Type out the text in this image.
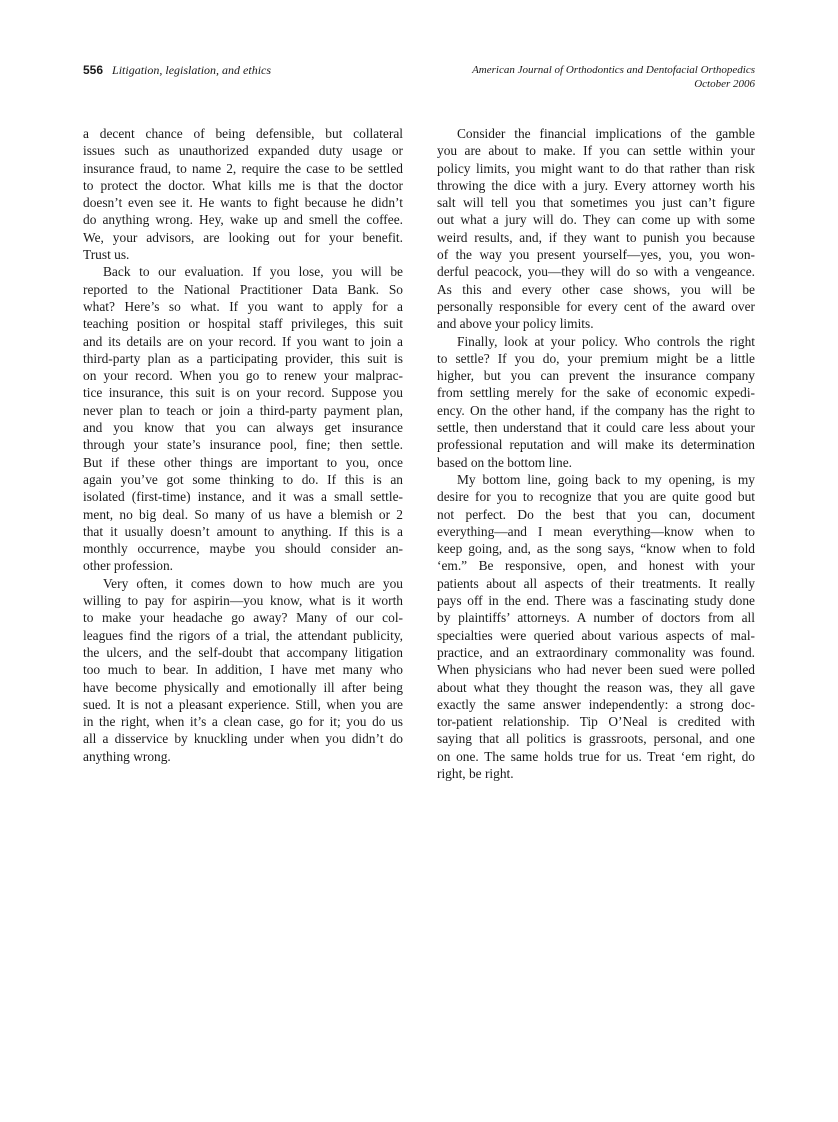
556 Litigation, legislation, and ethics	American Journal of Orthodontics and Dentofacial Orthopedics
October 2006
a decent chance of being defensible, but collateral
issues such as unauthorized expanded duty usage or
insurance fraud, to name 2, require the case to be settled
to protect the doctor. What kills me is that the doctor
doesn’t even see it. He wants to fight because he didn’t
do anything wrong. Hey, wake up and smell the coffee.
We, your advisors, are looking out for your benefit.
Trust us.
Back to our evaluation. If you lose, you will be
reported to the National Practitioner Data Bank. So
what? Here’s so what. If you want to apply for a
teaching position or hospital staff privileges, this suit
and its details are on your record. If you want to join a
third-party plan as a participating provider, this suit is
on your record. When you go to renew your malprac-
tice insurance, this suit is on your record. Suppose you
never plan to teach or join a third-party payment plan,
and you know that you can always get insurance
through your state’s insurance pool, fine; then settle.
But if these other things are important to you, once
again you’ve got some thinking to do. If this is an
isolated (first-time) instance, and it was a small settle-
ment, no big deal. So many of us have a blemish or 2
that it usually doesn’t amount to anything. If this is a
monthly occurrence, maybe you should consider an-
other profession.
Very often, it comes down to how much are you
willing to pay for aspirin—you know, what is it worth
to make your headache go away? Many of our col-
leagues find the rigors of a trial, the attendant publicity,
the ulcers, and the self-doubt that accompany litigation
too much to bear. In addition, I have met many who
have become physically and emotionally ill after being
sued. It is not a pleasant experience. Still, when you are
in the right, when it’s a clean case, go for it; you do us
all a disservice by knuckling under when you didn’t do
anything wrong.
Consider the financial implications of the gamble
you are about to make. If you can settle within your
policy limits, you might want to do that rather than risk
throwing the dice with a jury. Every attorney worth his
salt will tell you that sometimes you just can’t figure
out what a jury will do. They can come up with some
weird results, and, if they want to punish you because
of the way you present yourself—yes, you, you won-
derful peacock, you—they will do so with a vengeance.
As this and every other case shows, you will be
personally responsible for every cent of the award over
and above your policy limits.
Finally, look at your policy. Who controls the right
to settle? If you do, your premium might be a little
higher, but you can prevent the insurance company
from settling merely for the sake of economic expedi-
ency. On the other hand, if the company has the right to
settle, then understand that it could care less about your
professional reputation and will make its determination
based on the bottom line.
My bottom line, going back to my opening, is my
desire for you to recognize that you are quite good but
not perfect. Do the best that you can, document
everything—and I mean everything—know when to
keep going, and, as the song says, “know when to fold
‘em.” Be responsive, open, and honest with your
patients about all aspects of their treatments. It really
pays off in the end. There was a fascinating study done
by plaintiffs’ attorneys. A number of doctors from all
specialties were queried about various aspects of mal-
practice, and an extraordinary commonality was found.
When physicians who had never been sued were polled
about what they thought the reason was, they all gave
exactly the same answer independently: a strong doc-
tor-patient relationship. Tip O’Neal is credited with
saying that all politics is grassroots, personal, and one
on one. The same holds true for us. Treat ‘em right, do
right, be right.
